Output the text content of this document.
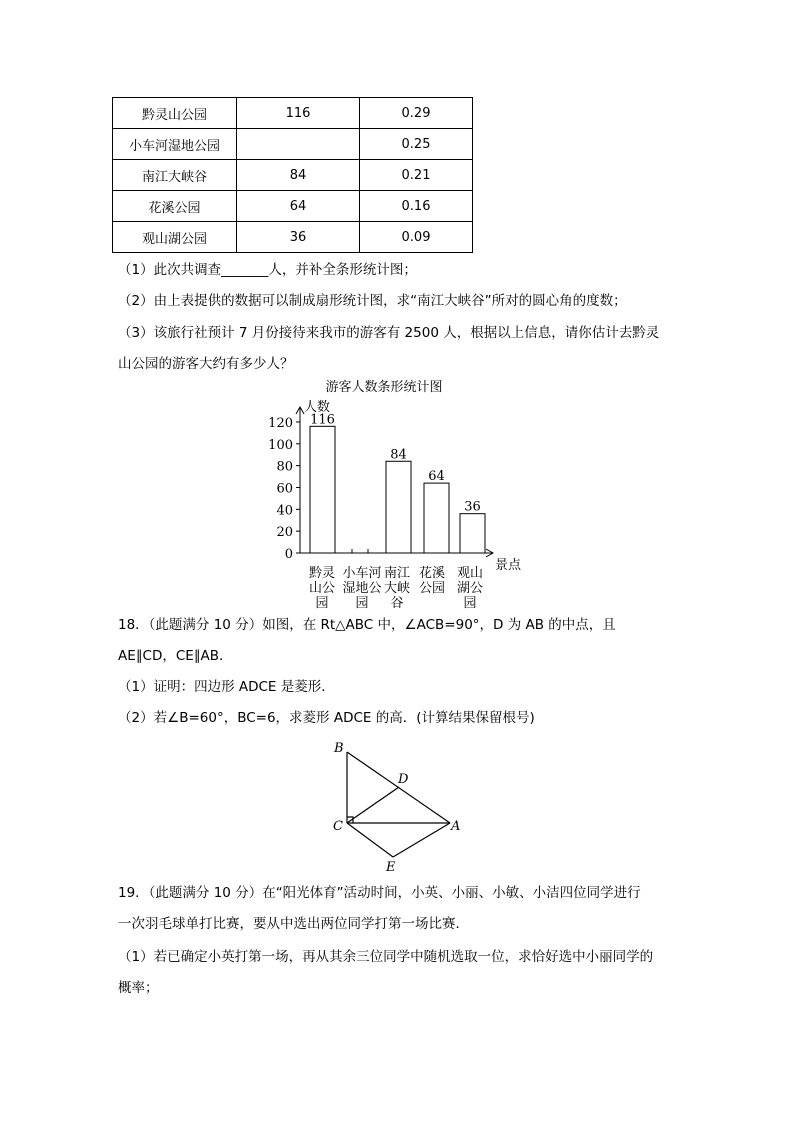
黔灵山公园	116	0.29
小车河湿地公园		0.25
南江大峡谷	84	0.21
花溪公园	64	0.16
观山湖公园	36	0.09
（1）此次共调查_______人，并补全条形统计图；
（2）由上表提供的数据可以制成扇形统计图，求“南江大峡谷”所对的圆心角的度数；
（3）该旅行社预计 7 月份接待来我市的游客有 2500 人，根据以上信息，请你估计去黔灵
山公园的游客大约有多少人？
游客人数条形统计图
人数
景点
0
20
40
60
80
100
120 116
黔灵
山公
园
小车河
湿地公
园
84
南江
大峡
谷
64
花溪
公园
36
观山
湖公
园
18．（此题满分 10 分）如图，在 Rt△ABC 中，∠ACB=90°，D 为 AB 的中点，且
AE∥CD，CE∥AB．
（1）证明：四边形 ADCE 是菱形．
（2）若∠B=60°，BC=6，求菱形 ADCE 的高．(计算结果保留根号)
B
D
C	A
E
19．（此题满分 10 分）在“阳光体育”活动时间，小英、小丽、小敏、小洁四位同学进行
一次羽毛球单打比赛，要从中选出两位同学打第一场比赛．
（1）若已确定小英打第一场，再从其余三位同学中随机选取一位，求恰好选中小丽同学的
概率；
